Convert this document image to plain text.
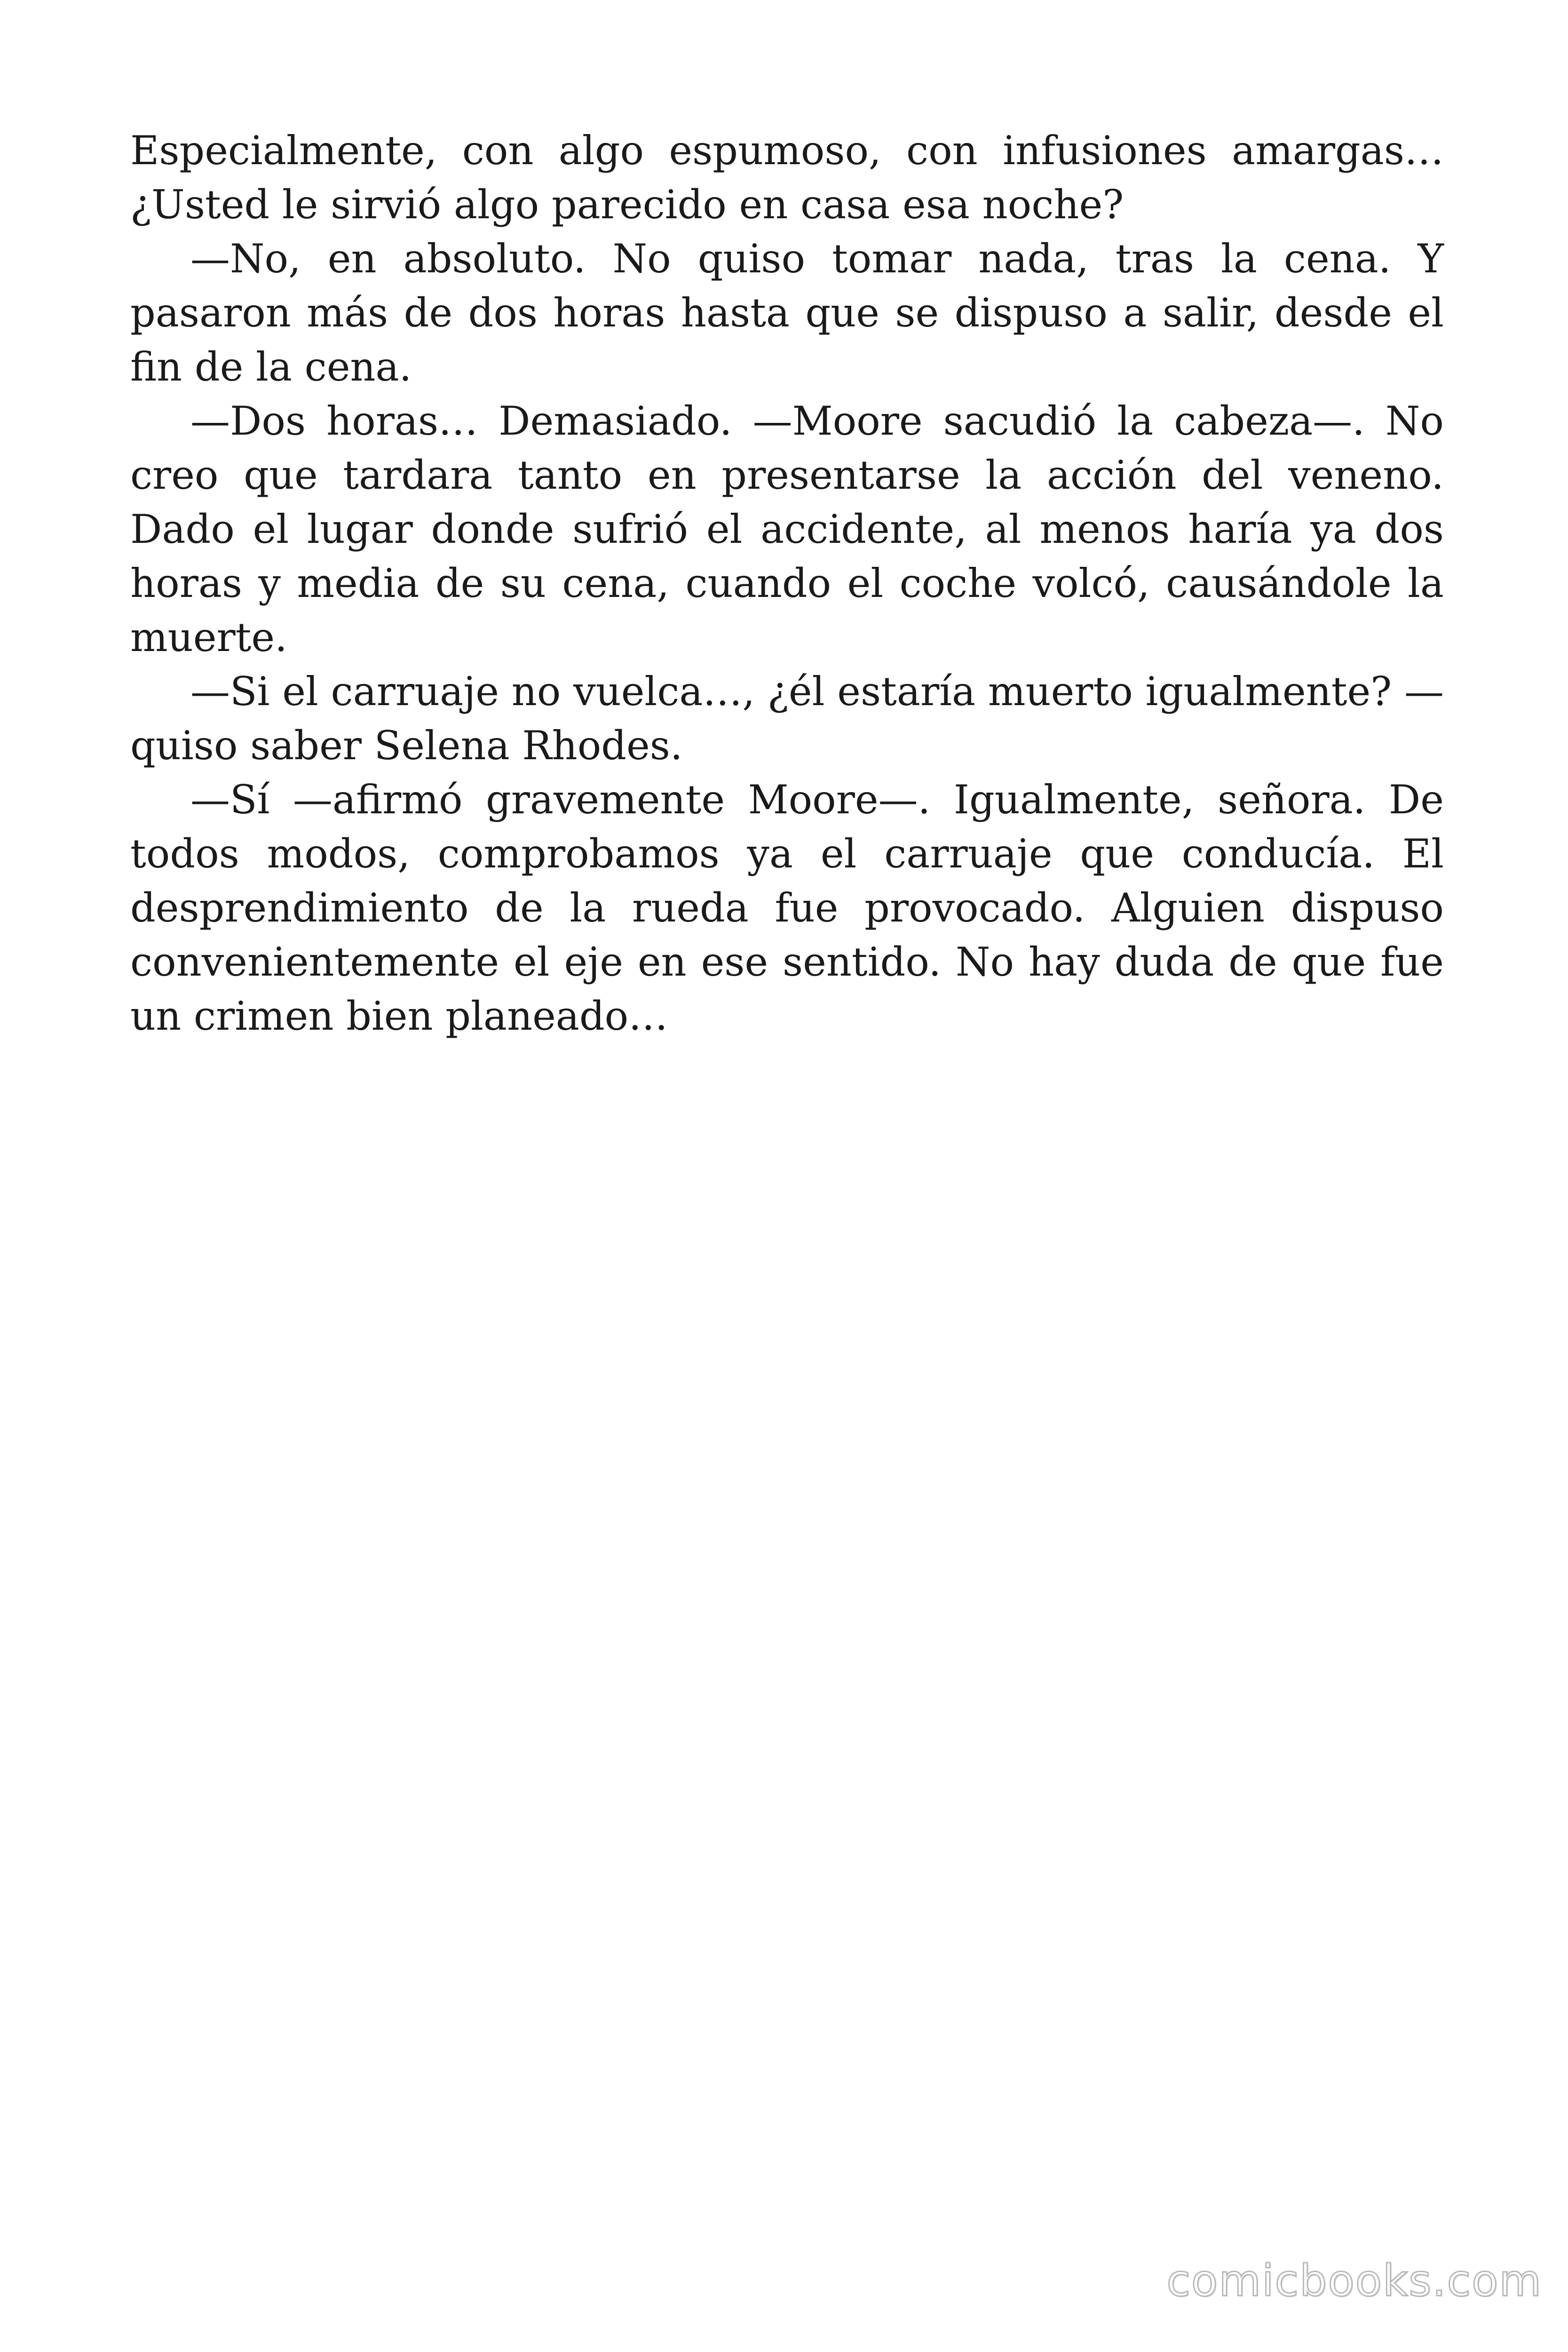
Especialmente, con algo espumoso, con infusiones amargas… ¿Usted le sirvió algo parecido en casa esa noche?

—No, en absoluto. No quiso tomar nada, tras la cena. Y pasaron más de dos horas hasta que se dispuso a salir, desde el fin de la cena.

—Dos horas… Demasiado. —Moore sacudió la cabeza—. No creo que tardara tanto en presentarse la acción del veneno. Dado el lugar donde sufrió el accidente, al menos haría ya dos horas y media de su cena, cuando el coche volcó, causándole la muerte.

—Si el carruaje no vuelca…, ¿él estaría muerto igualmente? —quiso saber Selena Rhodes.

—Sí —afirmó gravemente Moore—. Igualmente, señora. De todos modos, comprobamos ya el carruaje que conducía. El desprendimiento de la rueda fue provocado. Alguien dispuso convenientemente el eje en ese sentido. No hay duda de que fue un crimen bien planeado…

comicbooks.com
